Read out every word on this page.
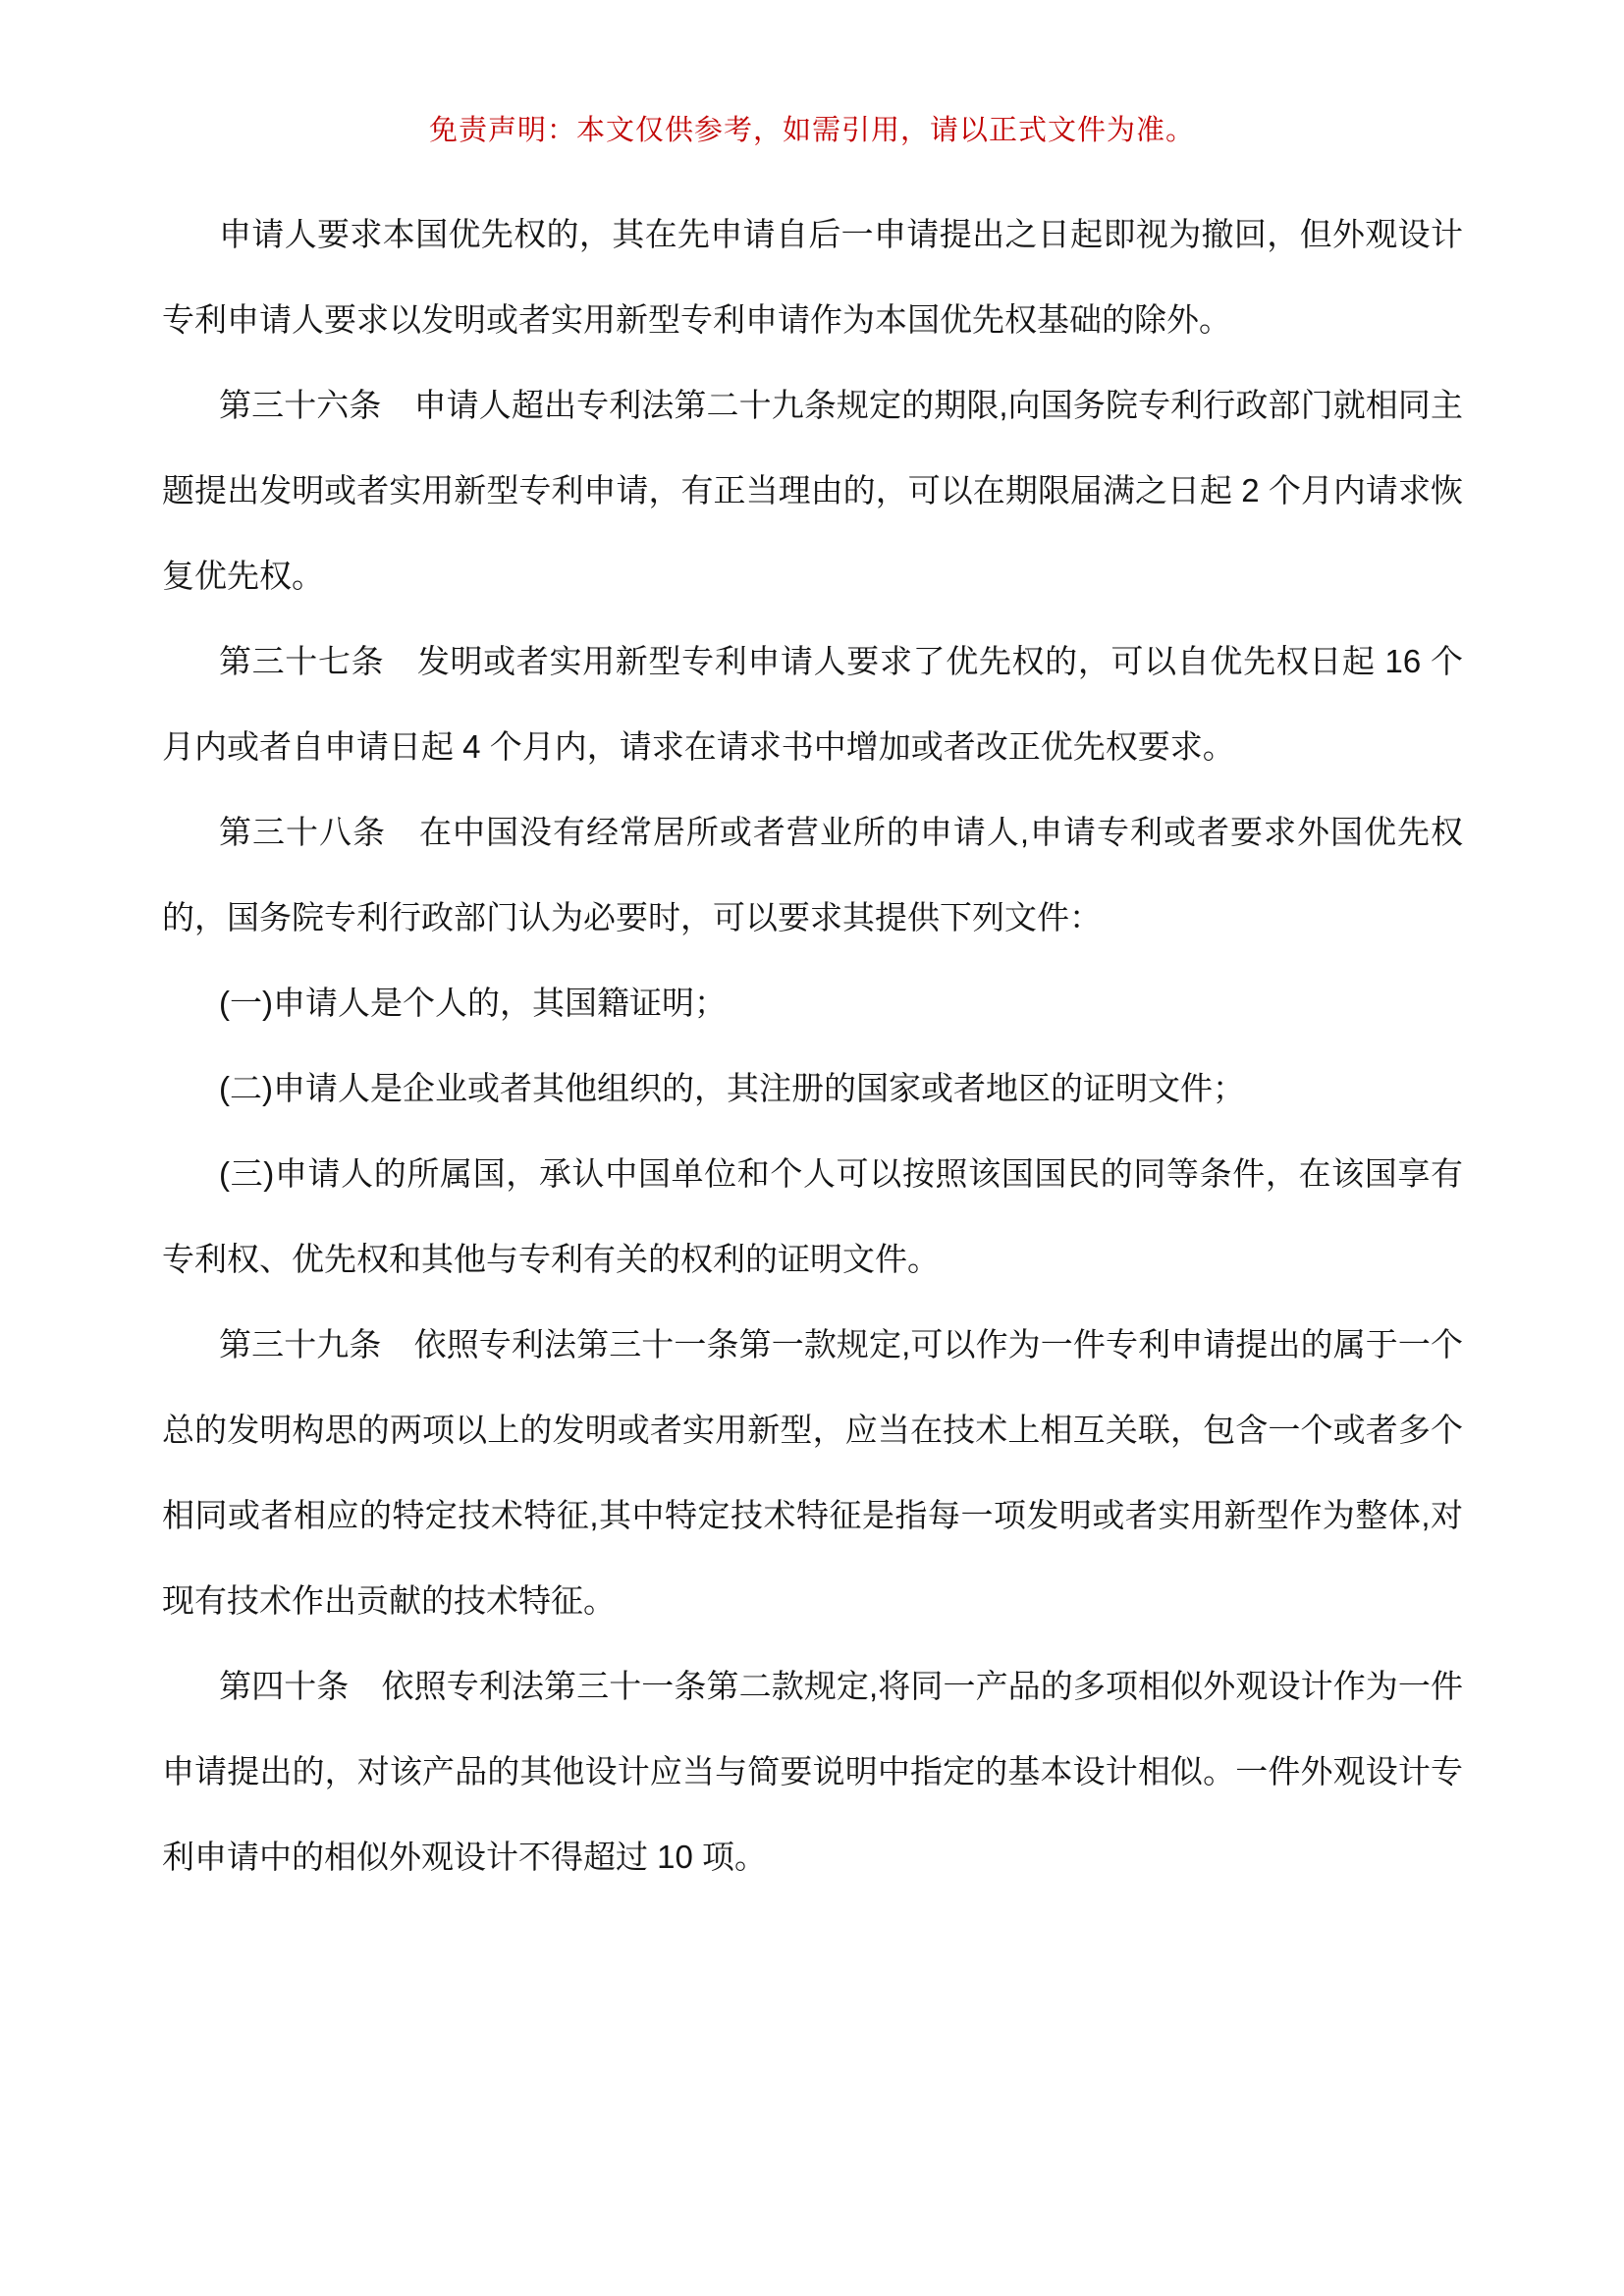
免责声明：本文仅供参考，如需引用，请以正式文件为准。

申请人要求本国优先权的，其在先申请自后一申请提出之日起即视为撤回，但外观设计专利申请人要求以发明或者实用新型专利申请作为本国优先权基础的除外。

第三十六条　申请人超出专利法第二十九条规定的期限,向国务院专利行政部门就相同主题提出发明或者实用新型专利申请，有正当理由的，可以在期限届满之日起 2 个月内请求恢复优先权。

第三十七条　发明或者实用新型专利申请人要求了优先权的，可以自优先权日起 16 个月内或者自申请日起 4 个月内，请求在请求书中增加或者改正优先权要求。

第三十八条　在中国没有经常居所或者营业所的申请人,申请专利或者要求外国优先权的，国务院专利行政部门认为必要时，可以要求其提供下列文件：

(一)申请人是个人的，其国籍证明；

(二)申请人是企业或者其他组织的，其注册的国家或者地区的证明文件；

(三)申请人的所属国，承认中国单位和个人可以按照该国国民的同等条件，在该国享有专利权、优先权和其他与专利有关的权利的证明文件。

第三十九条　依照专利法第三十一条第一款规定,可以作为一件专利申请提出的属于一个总的发明构思的两项以上的发明或者实用新型，应当在技术上相互关联，包含一个或者多个相同或者相应的特定技术特征,其中特定技术特征是指每一项发明或者实用新型作为整体,对现有技术作出贡献的技术特征。

第四十条　依照专利法第三十一条第二款规定,将同一产品的多项相似外观设计作为一件申请提出的，对该产品的其他设计应当与简要说明中指定的基本设计相似。一件外观设计专利申请中的相似外观设计不得超过 10 项。
